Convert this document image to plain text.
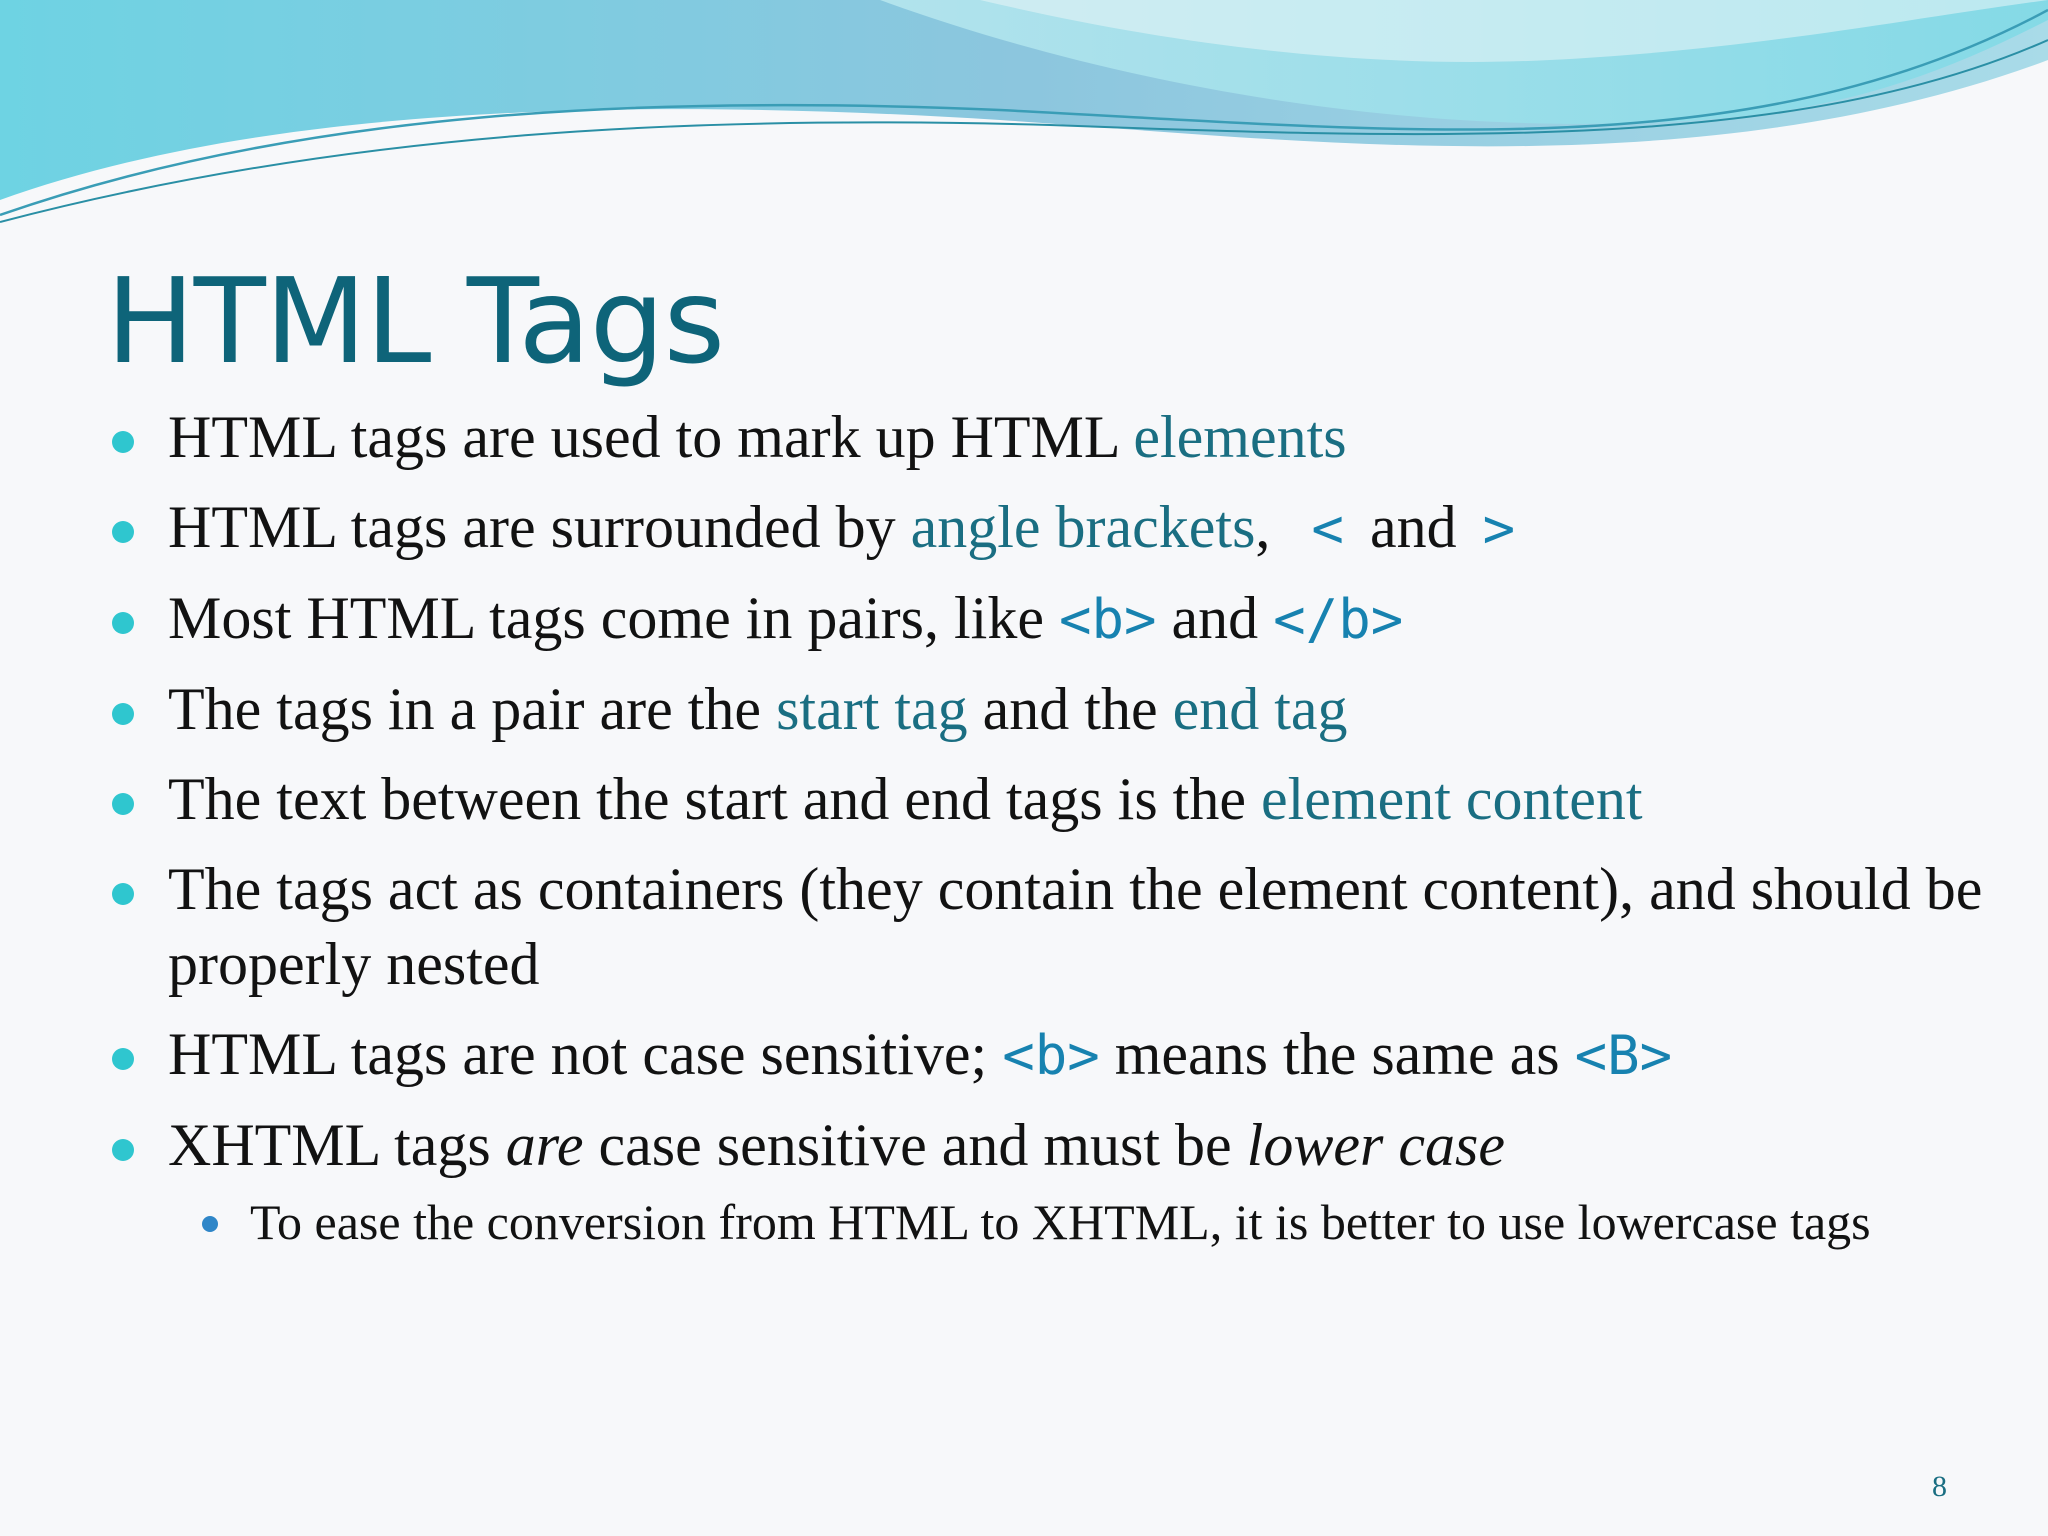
HTML Tags
HTML tags are used to mark up HTML elements
HTML tags are surrounded by angle brackets, < and >
Most HTML tags come in pairs, like <b> and </b>
The tags in a pair are the start tag and the end tag
The text between the start and end tags is the element content
The tags act as containers (they contain the element content), and should be properly nested
HTML tags are not case sensitive; <b> means the same as <B>
XHTML tags are case sensitive and must be lower case
To ease the conversion from HTML to XHTML, it is better to use lowercase tags
8
